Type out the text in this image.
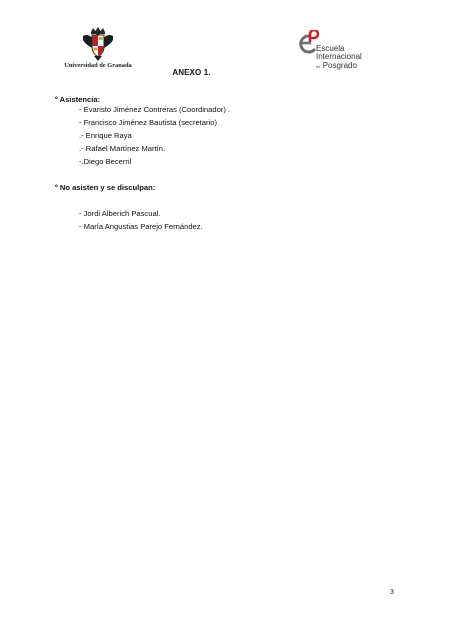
Universidad de Granada
Escuela
Internacional
de Posgrado
ANEXO 1.
º Asistencia:
- Evaristo Jiménez Contreras (Coordinador) .
- Francisco Jiménez Bautista (secretario)
.- Enrique Raya
.- Rafael Martínez Martín.
-.Diego Becerril
º No asisten y se disculpan:
- Jordi Alberich Pascual.
- María Angustias Parejo Fernández.
3
